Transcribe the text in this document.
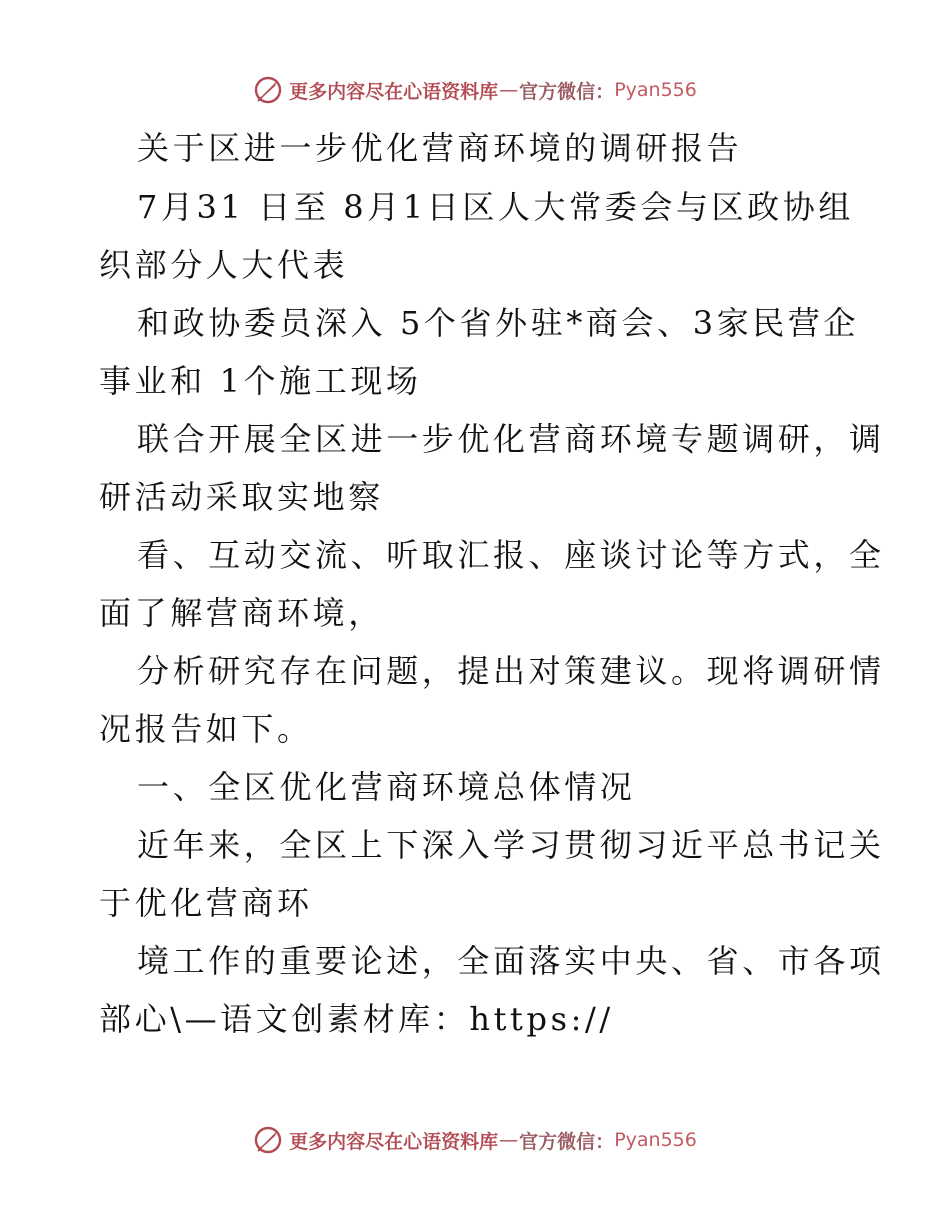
更多内容尽在心语资料库 — 官方微信： Pyan556
关于区进一步优化营商环境的调研报告
7月31 日至 8月1日区人大常委会与区政协组
织部分人大代表
和政协委员深入 5个省外驻*商会、3家民营企
事业和 1个施工现场
联合开展全区进一步优化营商环境专题调研，调
研活动采取实地察
看、互动交流、听取汇报、座谈讨论等方式，全
面了解营商环境，
分析研究存在问题，提出对策建议。现将调研情
况报告如下。
一、全区优化营商环境总体情况
近年来，全区上下深入学习贯彻习近平总书记关
于优化营商环
境工作的重要论述，全面落实中央、省、市各项
部心\—语文创素材库：https://
更多内容尽在心语资料库 — 官方微信： Pyan556
